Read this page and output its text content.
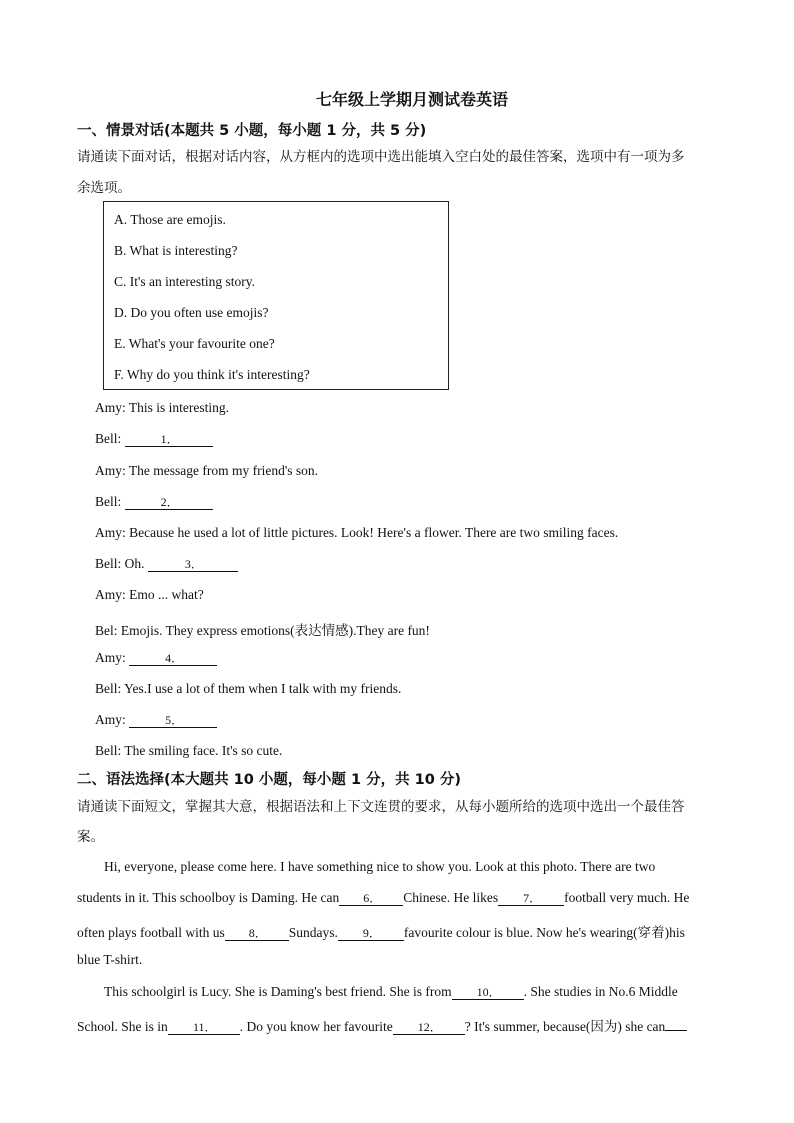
七年级上学期月测试卷英语
一、情景对话(本题共 5 小题，每小题 1 分，共 5 分)
请通读下面对话，根据对话内容，从方框内的选项中选出能填入空白处的最佳答案，选项中有一项为多
余选项。
A. Those are emojis.
B. What is interesting?
C. It's an interesting story.
D. Do you often use emojis?
E. What's your favourite one?
F. Why do you think it's interesting?
Amy: This is interesting.
Bell:	1．
Amy: The message from my friend's son.
Bell:	2．
Amy: Because he used a lot of little pictures. Look! Here's a flower. There are two smiling faces.
Bell: Oh.	3．
Amy: Emo ... what?
Bel: Emojis. They express emotions(表达情感).They are fun!
Amy:	4．
Bell: Yes.I use a lot of them when I talk with my friends.
Amy:	5．
Bell: The smiling face. It's so cute.
二、语法选择(本大题共 10 小题，每小题 1 分，共 10 分)
请通读下面短文，掌握其大意，根据语法和上下文连贯的要求，从每小题所给的选项中选出一个最佳答
案。
Hi, everyone, please come here. I have something nice to show you. Look at this photo. There are two
students in it. This schoolboy is Daming. He can 6． Chinese. He likes 7． football very much. He
often plays football with us 8． Sundays. 9． favourite colour is blue. Now he's wearing(穿着)his
blue T-shirt.
This schoolgirl is Lucy. She is Daming's best friend. She is from 10． . She studies in No.6 Middle
School. She is in 11． . Do you know her favourite 12． ? It's summer, because(因为) she can
